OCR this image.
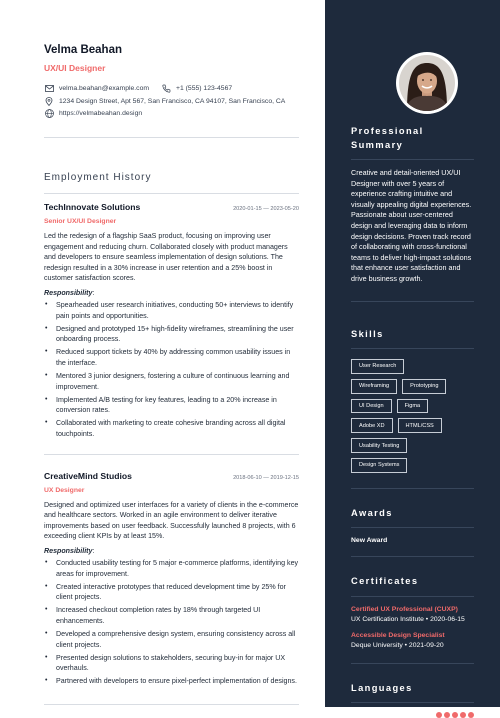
Velma Beahan
UX/UI Designer
velma.beahan@example.com	+1 (555) 123-4567
1234 Design Street, Apt 567, San Francisco, CA 94107, San Francisco, CA
https://velmabeahan.design
Employment History
TechInnovate Solutions	2020-01-15 — 2023-05-20
Senior UX/UI Designer
Led the redesign of a flagship SaaS product, focusing on improving user engagement and reducing churn. Collaborated closely with product managers and developers to ensure seamless implementation of design solutions. The redesign resulted in a 30% increase in user retention and a 25% boost in customer satisfaction scores.
Responsibility:
• Spearheaded user research initiatives, conducting 50+ interviews to identify pain points and opportunities.
• Designed and prototyped 15+ high-fidelity wireframes, streamlining the user onboarding process.
• Reduced support tickets by 40% by addressing common usability issues in the interface.
• Mentored 3 junior designers, fostering a culture of continuous learning and improvement.
• Implemented A/B testing for key features, leading to a 20% increase in conversion rates.
• Collaborated with marketing to create cohesive branding across all digital touchpoints.
CreativeMind Studios	2018-06-10 — 2019-12-15
UX Designer
Designed and optimized user interfaces for a variety of clients in the e-commerce and healthcare sectors. Worked in an agile environment to deliver iterative improvements based on user feedback. Successfully launched 8 projects, with 6 exceeding client KPIs by at least 15%.
Responsibility:
• Conducted usability testing for 5 major e-commerce platforms, identifying key areas for improvement.
• Created interactive prototypes that reduced development time by 25% for client projects.
• Increased checkout completion rates by 18% through targeted UI enhancements.
• Developed a comprehensive design system, ensuring consistency across all client projects.
• Presented design solutions to stakeholders, securing buy-in for major UX overhauls.
• Partnered with developers to ensure pixel-perfect implementation of designs.
Professional Summary
Creative and detail-oriented UX/UI Designer with over 5 years of experience crafting intuitive and visually appealing digital experiences. Passionate about user-centered design and leveraging data to inform design decisions. Proven track record of collaborating with cross-functional teams to deliver high-impact solutions that enhance user satisfaction and drive business growth.
Skills
User Research
Wireframing	Prototyping
UI Design	Figma
Adobe XD	HTML/CSS
Usability Testing
Design Systems
Awards
New Award
Certificates
Certified UX Professional (CUXP)
UX Certification Institute • 2020-06-15
Accessible Design Specialist
Deque University • 2021-09-20
Languages
English
